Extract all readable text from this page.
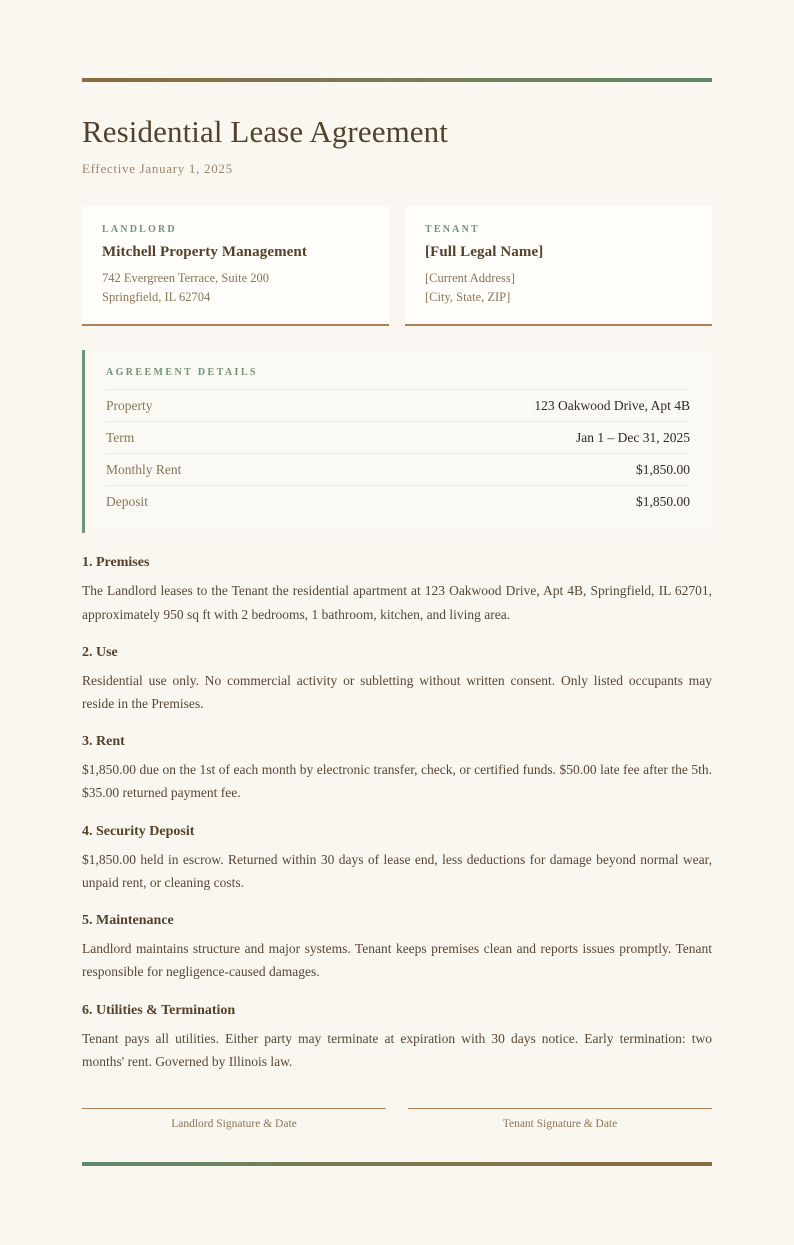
Residential Lease Agreement
Effective January 1, 2025
LANDLORD
Mitchell Property Management
742 Evergreen Terrace, Suite 200
Springfield, IL 62704
TENANT
[Full Legal Name]
[Current Address]
[City, State, ZIP]
AGREEMENT DETAILS
Property	123 Oakwood Drive, Apt 4B
Term	Jan 1 – Dec 31, 2025
Monthly Rent	$1,850.00
Deposit	$1,850.00
1. Premises

The Landlord leases to the Tenant the residential apartment at 123 Oakwood Drive, Apt 4B, Springfield, IL 62701, approximately 950 sq ft with 2 bedrooms, 1 bathroom, kitchen, and living area.

2. Use

Residential use only. No commercial activity or subletting without written consent. Only listed occupants may reside in the Premises.

3. Rent

$1,850.00 due on the 1st of each month by electronic transfer, check, or certified funds. $50.00 late fee after the 5th. $35.00 returned payment fee.

4. Security Deposit

$1,850.00 held in escrow. Returned within 30 days of lease end, less deductions for damage beyond normal wear, unpaid rent, or cleaning costs.

5. Maintenance

Landlord maintains structure and major systems. Tenant keeps premises clean and reports issues promptly. Tenant responsible for negligence-caused damages.

6. Utilities & Termination

Tenant pays all utilities. Either party may terminate at expiration with 30 days notice. Early termination: two months' rent. Governed by Illinois law.

Landlord Signature & Date	Tenant Signature & Date
